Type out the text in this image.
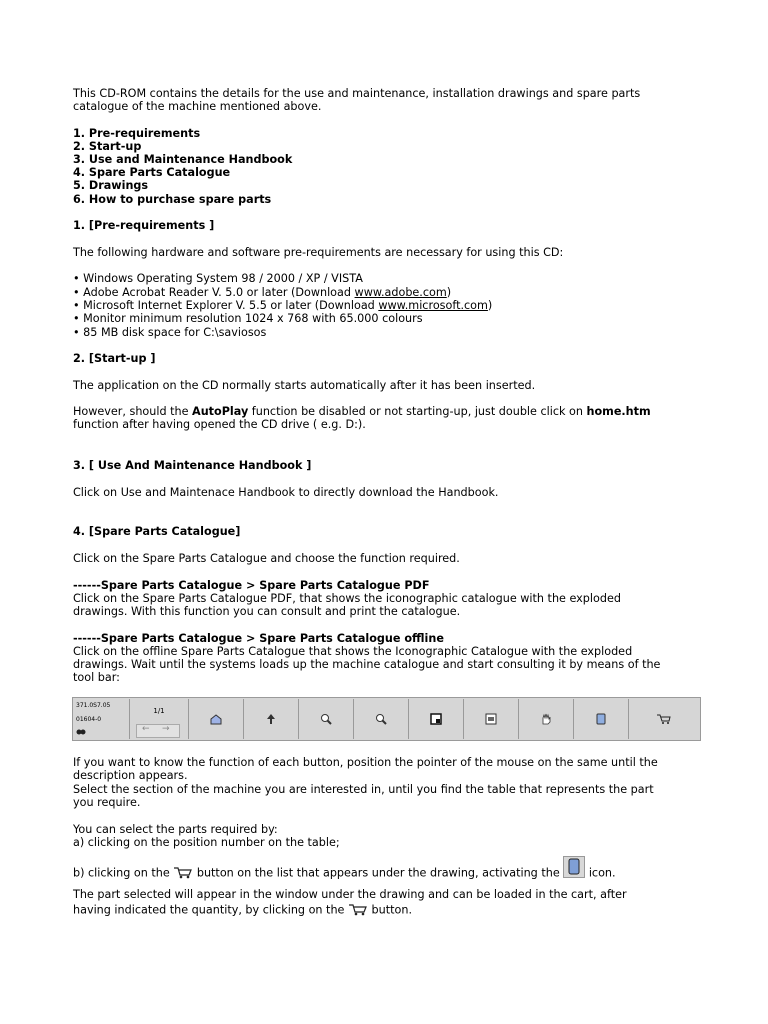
This CD-ROM contains the details for the use and maintenance, installation drawings and spare parts
catalogue of the machine mentioned above.
1. Pre-requirements
2. Start-up
3. Use and Maintenance Handbook
4. Spare Parts Catalogue
5. Drawings
6. How to purchase spare parts
1. [Pre-requirements ]
The following hardware and software pre-requirements are necessary for using this CD:
• Windows Operating System 98 / 2000 / XP / VISTA
• Adobe Acrobat Reader V. 5.0 or later (Download www.adobe.com)
• Microsoft Internet Explorer V. 5.5 or later (Download www.microsoft.com)
• Monitor minimum resolution 1024 x 768 with 65.000 colours
• 85 MB disk space for C:\saviosos
2. [Start-up ]
The application on the CD normally starts automatically after it has been inserted.
However, should the AutoPlay function be disabled or not starting-up, just double click on home.htm
function after having opened the CD drive ( e.g. D:).
3. [ Use And Maintenance Handbook ]
Click on Use and Maintenace Handbook to directly download the Handbook.
4. [Spare Parts Catalogue]
Click on the Spare Parts Catalogue and choose the function required.
------Spare Parts Catalogue > Spare Parts Catalogue PDF
Click on the Spare Parts Catalogue PDF, that shows the iconographic catalogue with the exploded
drawings. With this function you can consult and print the catalogue.
------Spare Parts Catalogue > Spare Parts Catalogue offline
Click on the offline Spare Parts Catalogue that shows the Iconographic Catalogue with the exploded
drawings. Wait until the systems loads up the machine catalogue and start consulting it by means of the
tool bar:
371.0S7.05
01604-0
1/1
← →
If you want to know the function of each button, position the pointer of the mouse on the same until the
description appears.
Select the section of the machine you are interested in, until you find the table that represents the part
you require.
You can select the parts required by:
a) clicking on the position number on the table;
b) clicking on the  button on the list that appears under the drawing, activating the  icon.
The part selected will appear in the window under the drawing and can be loaded in the cart, after
having indicated the quantity, by clicking on the  button.
